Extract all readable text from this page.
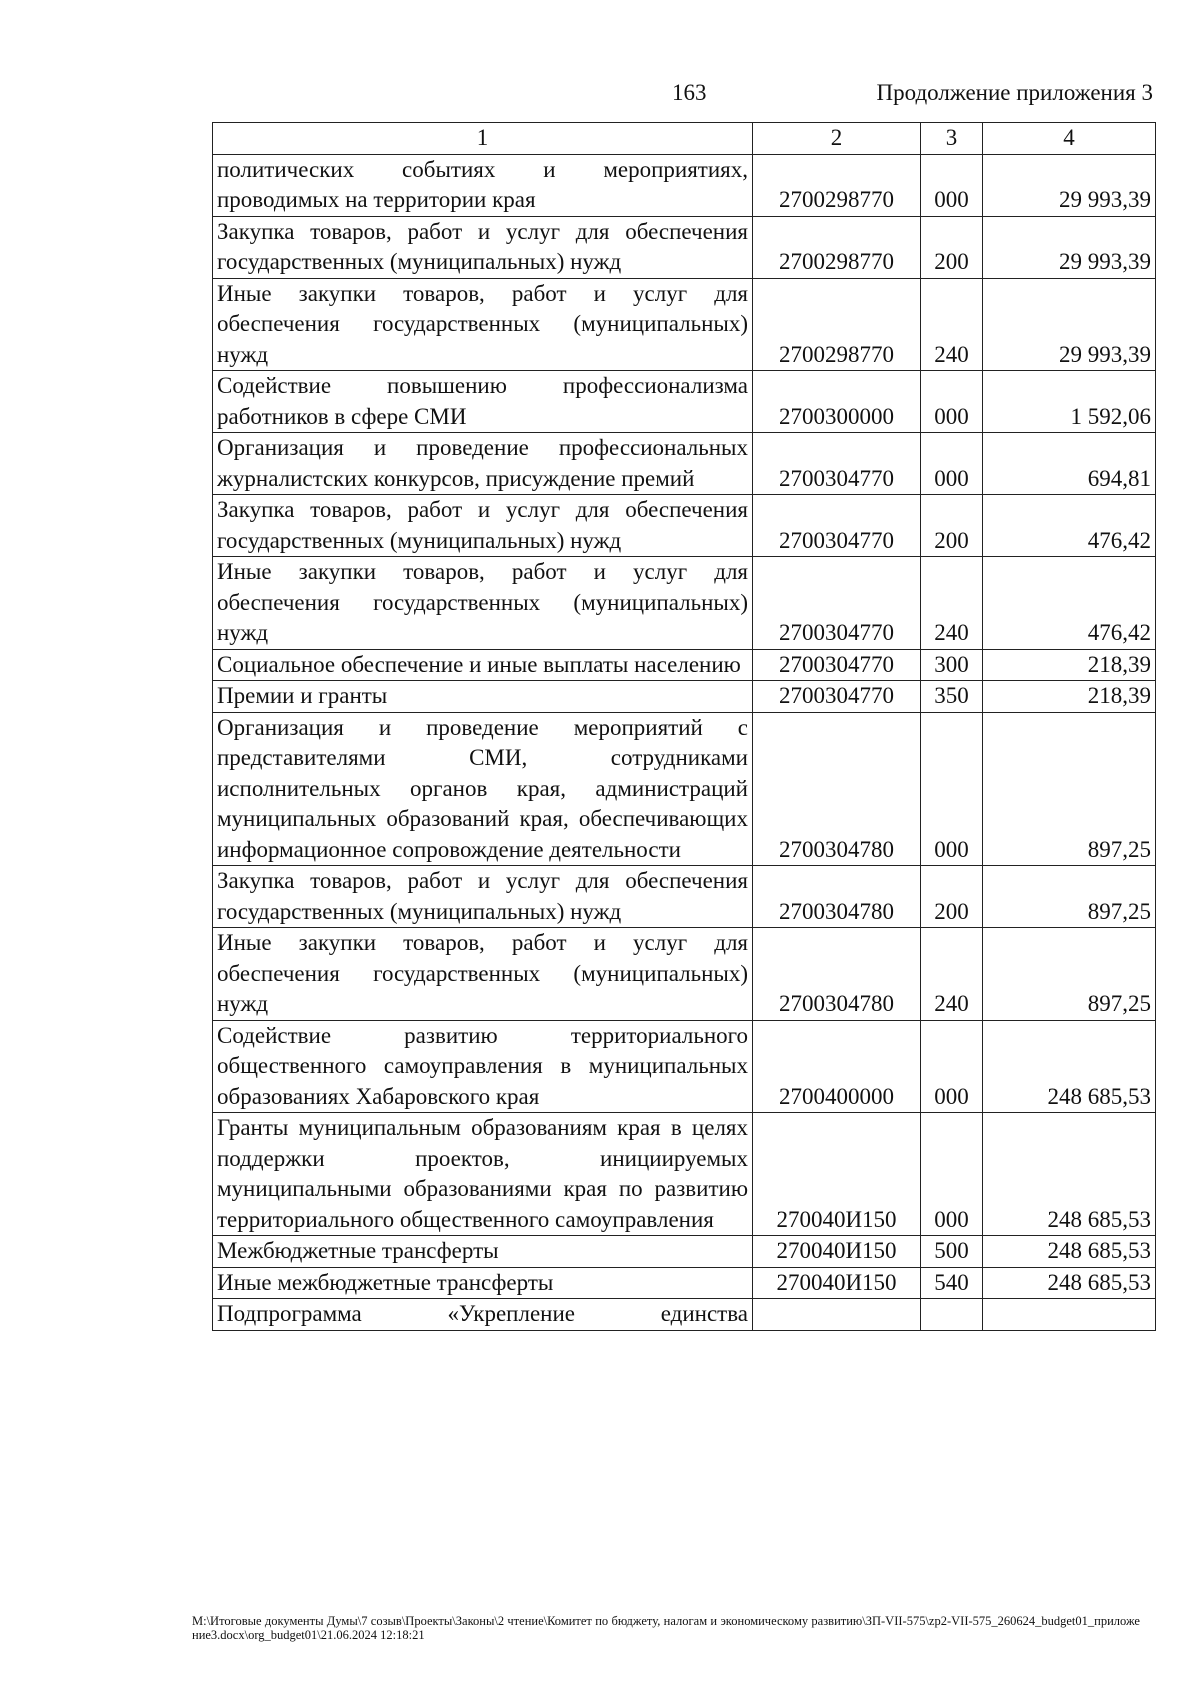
163	Продолжение приложения 3
1	2	3	4
политических событиях и мероприятиях, проводимых на территории края	2700298770	000	29 993,39
Закупка товаров, работ и услуг для обеспечения государственных (муниципальных) нужд	2700298770	200	29 993,39
Иные закупки товаров, работ и услуг для обеспечения государственных (муниципальных) нужд	2700298770	240	29 993,39
Содействие повышению профессионализма работников в сфере СМИ	2700300000	000	1 592,06
Организация и проведение профессиональных журналистских конкурсов, присуждение премий	2700304770	000	694,81
Закупка товаров, работ и услуг для обеспечения государственных (муниципальных) нужд	2700304770	200	476,42
Иные закупки товаров, работ и услуг для обеспечения государственных (муниципальных) нужд	2700304770	240	476,42
Социальное обеспечение и иные выплаты населению	2700304770	300	218,39
Премии и гранты	2700304770	350	218,39
Организация и проведение мероприятий с представителями СМИ, сотрудниками исполнительных органов края, администраций муниципальных образований края, обеспечивающих информационное сопровождение деятельности	2700304780	000	897,25
Закупка товаров, работ и услуг для обеспечения государственных (муниципальных) нужд	2700304780	200	897,25
Иные закупки товаров, работ и услуг для обеспечения государственных (муниципальных) нужд	2700304780	240	897,25
Содействие развитию территориального общественного самоуправления в муниципальных образованиях Хабаровского края	2700400000	000	248 685,53
Гранты муниципальным образованиям края в целях поддержки проектов, инициируемых муниципальными образованиями края по развитию территориального общественного самоуправления	270040И150	000	248 685,53
Межбюджетные трансферты	270040И150	500	248 685,53
Иные межбюджетные трансферты	270040И150	540	248 685,53
Подпрограмма «Укрепление единства			
M:\Итоговые документы Думы\7 созыв\Проекты\Законы\2 чтение\Комитет по бюджету, налогам и экономическому развитию\ЗП-VII-575\zp2-VII-575_260624_budget01_приложение3.docx\org_budget01\21.06.2024 12:18:21
